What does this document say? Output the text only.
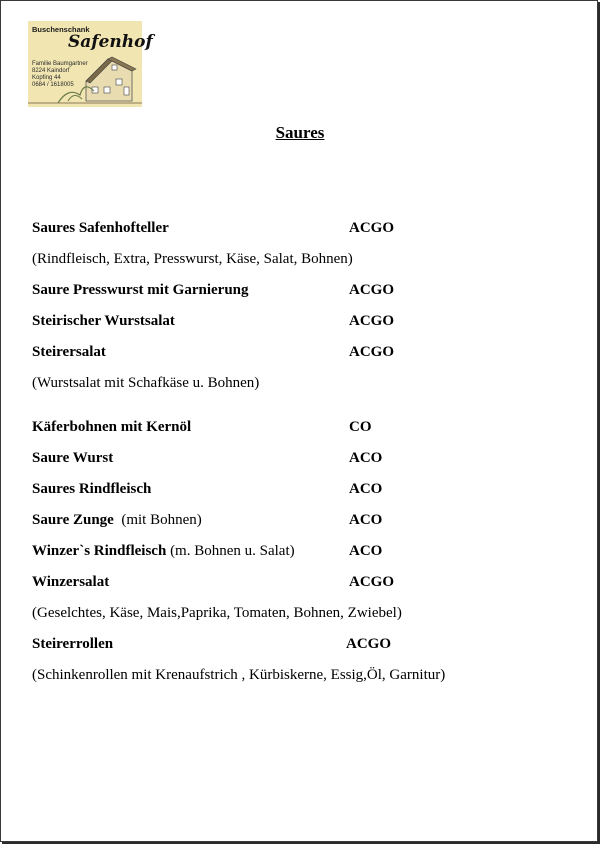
Buschenschank
Safenhof
Familie Baumgartner
8224 Kaindorf
Kopfing 44
0684 / 1618005
Saures
Saures Safenhofteller	ACGO
(Rindfleisch, Extra, Presswurst, Käse, Salat, Bohnen)
Saure Presswurst mit Garnierung	ACGO
Steirischer Wurstsalat	ACGO
Steirersalat	ACGO
(Wurstsalat mit Schafkäse u. Bohnen)
Käferbohnen mit Kernöl	CO
Saure Wurst	ACO
Saures Rindfleisch	ACO
Saure Zunge  (mit Bohnen)	ACO
Winzer`s Rindfleisch (m. Bohnen u. Salat)	ACO
Winzersalat	ACGO
(Geselchtes, Käse, Mais,Paprika, Tomaten, Bohnen, Zwiebel)
Steirerrollen	ACGO
(Schinkenrollen mit Krenaufstrich , Kürbiskerne, Essig,Öl, Garnitur)
